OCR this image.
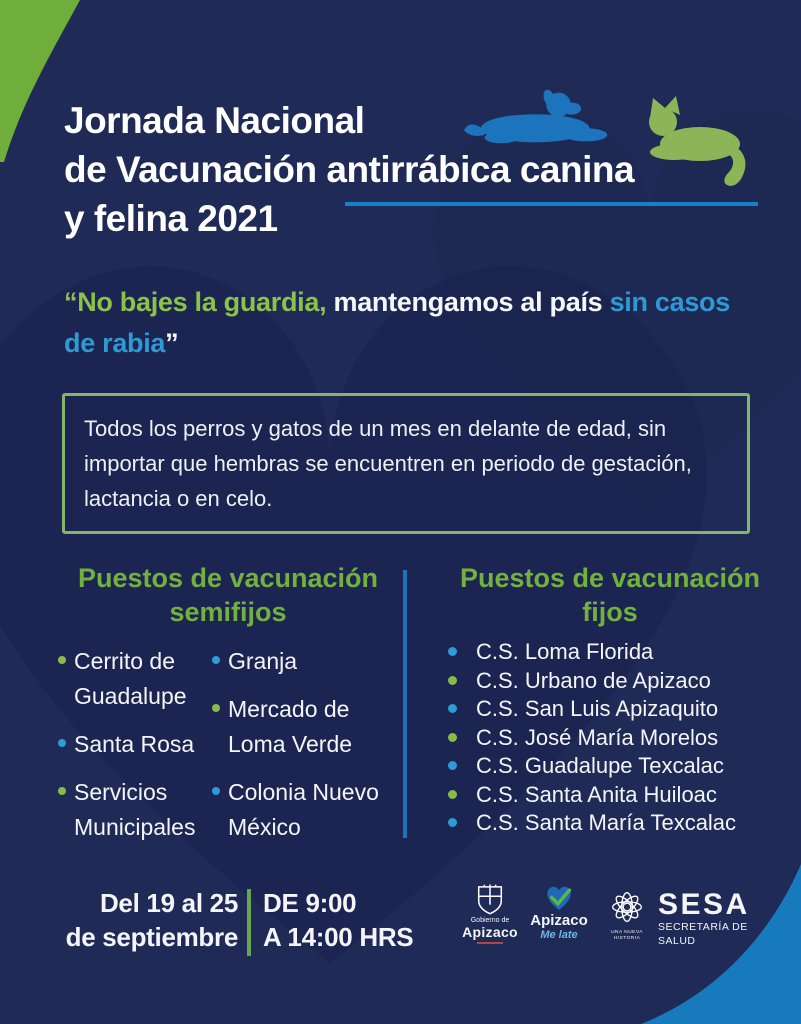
Jornada Nacional
de Vacunación antirrábica canina
y felina 2021
“No bajes la guardia, mantengamos al país sin casos
de rabia”
Todos los perros y gatos de un mes en delante de edad, sin importar que hembras se encuentren en periodo de gestación, lactancia o en celo.
Puestos de vacunación
semifijos
Puestos de vacunación
fijos
Cerrito de Guadalupe
Santa Rosa
Servicios Municipales
Granja
Mercado de Loma Verde
Colonia Nuevo México
C.S. Loma Florida
C.S. Urbano de Apizaco
C.S. San Luis Apizaquito
C.S. José María Morelos
C.S. Guadalupe Texcalac
C.S. Santa Anita Huiloac
C.S. Santa María Texcalac
Del 19 al 25
de septiembre
DE 9:00
A 14:00 HRS
Gobierno de
Apizaco
Apizaco
Me late	UNA NUEVA HISTORIA
SESA
SECRETARÍA DE
SALUD
